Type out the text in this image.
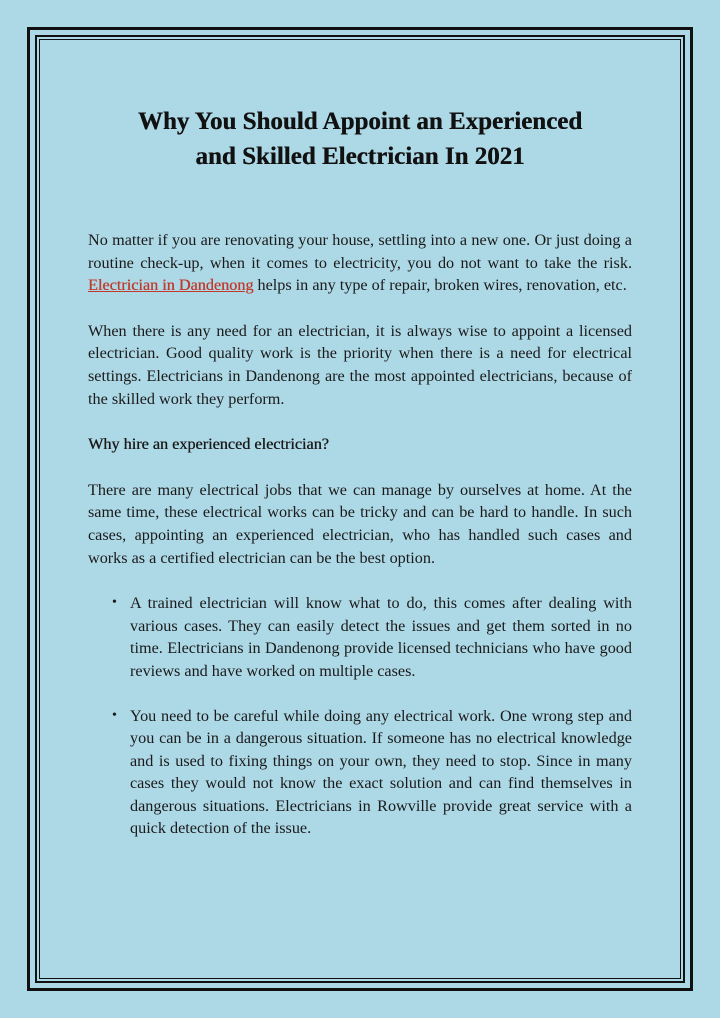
Why You Should Appoint an Experienced
and Skilled Electrician In 2021

No matter if you are renovating your house, settling into a new one. Or just doing a routine check-up, when it comes to electricity, you do not want to take the risk. Electrician in Dandenong helps in any type of repair, broken wires, renovation, etc.

When there is any need for an electrician, it is always wise to appoint a licensed electrician. Good quality work is the priority when there is a need for electrical settings. Electricians in Dandenong are the most appointed electricians, because of the skilled work they perform.

Why hire an experienced electrician?

There are many electrical jobs that we can manage by ourselves at home. At the same time, these electrical works can be tricky and can be hard to handle. In such cases, appointing an experienced electrician, who has handled such cases and works as a certified electrician can be the best option.

• A trained electrician will know what to do, this comes after dealing with various cases. They can easily detect the issues and get them sorted in no time. Electricians in Dandenong provide licensed technicians who have good reviews and have worked on multiple cases.
• You need to be careful while doing any electrical work. One wrong step and you can be in a dangerous situation. If someone has no electrical knowledge and is used to fixing things on your own, they need to stop. Since in many cases they would not know the exact solution and can find themselves in dangerous situations. Electricians in Rowville provide great service with a quick detection of the issue.
